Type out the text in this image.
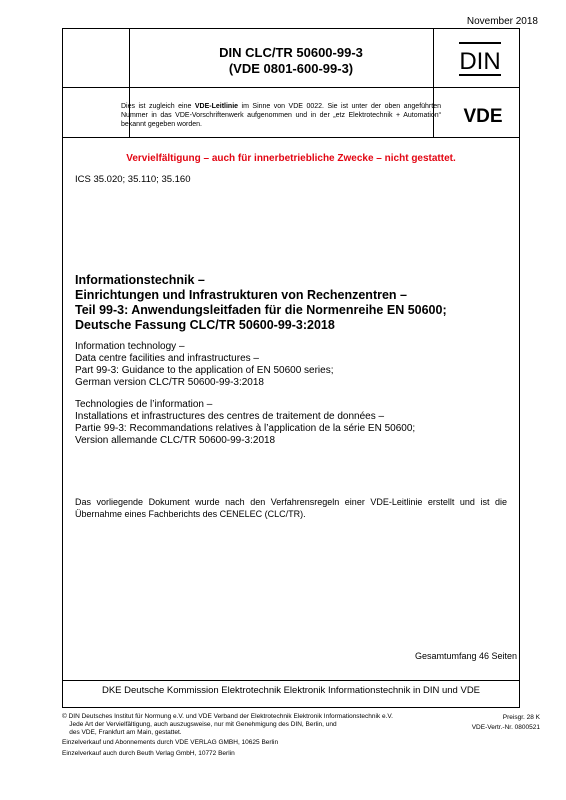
November 2018
DIN CLC/TR 50600-99-3
(VDE 0801-600-99-3)	DIN
Dies ist zugleich eine VDE-Leitlinie im Sinne von VDE 0022. Sie ist unter der oben angeführten Nummer in das VDE-Vorschriftenwerk aufgenommen und in der „etz Elektrotechnik + Automation“ bekannt gegeben worden.	VDE
Vervielfältigung – auch für innerbetriebliche Zwecke – nicht gestattet.
ICS 35.020; 35.110; 35.160
Informationstechnik –
Einrichtungen und Infrastrukturen von Rechenzentren –
Teil 99-3: Anwendungsleitfaden für die Normenreihe EN 50600;
Deutsche Fassung CLC/TR 50600-99-3:2018
Information technology –
Data centre facilities and infrastructures –
Part 99-3: Guidance to the application of EN 50600 series;
German version CLC/TR 50600-99-3:2018
Technologies de l’information –
Installations et infrastructures des centres de traitement de données –
Partie 99-3: Recommandations relatives à l’application de la série EN 50600;
Version allemande CLC/TR 50600-99-3:2018
Das vorliegende Dokument wurde nach den Verfahrensregeln einer VDE-Leitlinie erstellt und ist die Übernahme eines Fachberichts des CENELEC (CLC/TR).
Gesamtumfang 46 Seiten
DKE Deutsche Kommission Elektrotechnik Elektronik Informationstechnik in DIN und VDE
© DIN Deutsches Institut für Normung e.V. und VDE Verband der Elektrotechnik Elektronik Informationstechnik e.V.
Jede Art der Vervielfältigung, auch auszugsweise, nur mit Genehmigung des DIN, Berlin, und
des VDE, Frankfurt am Main, gestattet.
Preisgr. 28 K
VDE-Vertr.-Nr. 0800521
Einzelverkauf und Abonnements durch VDE VERLAG GMBH, 10625 Berlin
Einzelverkauf auch durch Beuth Verlag GmbH, 10772 Berlin
